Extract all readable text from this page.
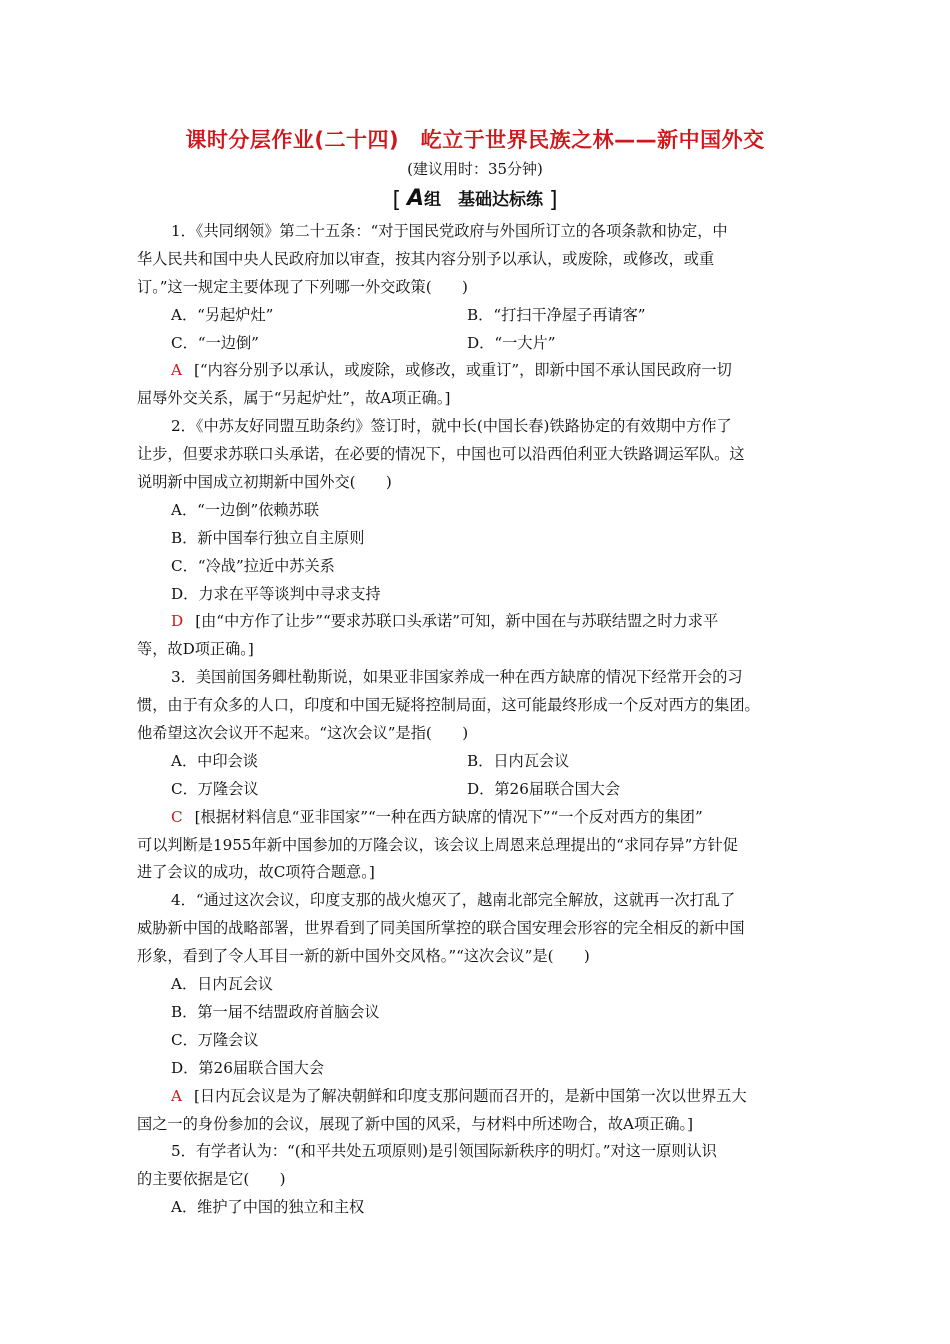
课时分层作业(二十四)　屹立于世界民族之林——新中国外交
(建议用时：35分钟)
[ A组　基础达标练 ]
1．《共同纲领》第二十五条：“对于国民党政府与外国所订立的各项条款和协定，中
华人民共和国中央人民政府加以审查，按其内容分别予以承认，或废除，或修改，或重
订。”这一规定主要体现了下列哪一外交政策(　　)
A．“另起炉灶”	B．“打扫干净屋子再请客”
C．“一边倒”	D．“一大片”
A [“内容分别予以承认，或废除，或修改，或重订”，即新中国不承认国民政府一切
屈辱外交关系，属于“另起炉灶”，故A项正确。]
2．《中苏友好同盟互助条约》签订时，就中长(中国长春)铁路协定的有效期中方作了
让步，但要求苏联口头承诺，在必要的情况下，中国也可以沿西伯利亚大铁路调运军队。这
说明新中国成立初期新中国外交(　　)
A．“一边倒”依赖苏联
B．新中国奉行独立自主原则
C．“冷战”拉近中苏关系
D．力求在平等谈判中寻求支持
D [由“中方作了让步”“要求苏联口头承诺”可知，新中国在与苏联结盟之时力求平
等，故D项正确。]
3．美国前国务卿杜勒斯说，如果亚非国家养成一种在西方缺席的情况下经常开会的习
惯，由于有众多的人口，印度和中国无疑将控制局面，这可能最终形成一个反对西方的集团。
他希望这次会议开不起来。“这次会议”是指(　　)
A．中印会谈	B．日内瓦会议
C．万隆会议	D．第26届联合国大会
C [根据材料信息“亚非国家”“一种在西方缺席的情况下”“一个反对西方的集团”
可以判断是1955年新中国参加的万隆会议，该会议上周恩来总理提出的“求同存异”方针促
进了会议的成功，故C项符合题意。]
4．“通过这次会议，印度支那的战火熄灭了，越南北部完全解放，这就再一次打乱了
威胁新中国的战略部署，世界看到了同美国所掌控的联合国安理会形容的完全相反的新中国
形象，看到了令人耳目一新的新中国外交风格。”“这次会议”是(　　)
A．日内瓦会议
B．第一届不结盟政府首脑会议
C．万隆会议
D．第26届联合国大会
A [日内瓦会议是为了解决朝鲜和印度支那问题而召开的，是新中国第一次以世界五大
国之一的身份参加的会议，展现了新中国的风采，与材料中所述吻合，故A项正确。]
5．有学者认为：“(和平共处五项原则)是引领国际新秩序的明灯。”对这一原则认识
的主要依据是它(　　)
A．维护了中国的独立和主权
